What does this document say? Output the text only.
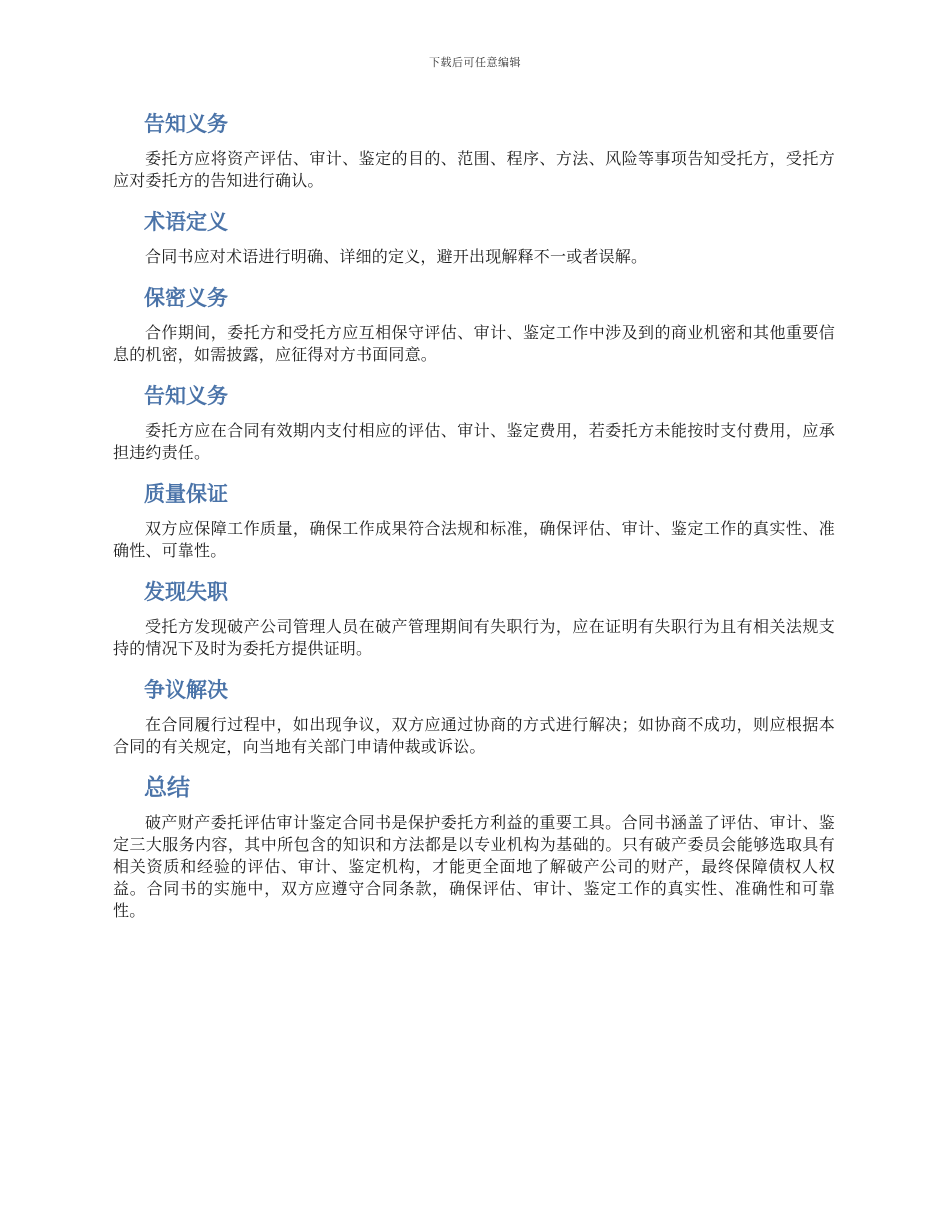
下载后可任意编辑
告知义务

委托方应将资产评估、审计、鉴定的目的、范围、程序、方法、风险等事项告知受托方，受托方应对委托方的告知进行确认。

术语定义

合同书应对术语进行明确、详细的定义，避开出现解释不一或者误解。

保密义务

合作期间，委托方和受托方应互相保守评估、审计、鉴定工作中涉及到的商业机密和其他重要信息的机密，如需披露，应征得对方书面同意。

告知义务

委托方应在合同有效期内支付相应的评估、审计、鉴定费用，若委托方未能按时支付费用，应承担违约责任。

质量保证

双方应保障工作质量，确保工作成果符合法规和标准，确保评估、审计、鉴定工作的真实性、准确性、可靠性。

发现失职

受托方发现破产公司管理人员在破产管理期间有失职行为，应在证明有失职行为且有相关法规支持的情况下及时为委托方提供证明。

争议解决

在合同履行过程中，如出现争议，双方应通过协商的方式进行解决；如协商不成功，则应根据本合同的有关规定，向当地有关部门申请仲裁或诉讼。

总结

破产财产委托评估审计鉴定合同书是保护委托方利益的重要工具。合同书涵盖了评估、审计、鉴定三大服务内容，其中所包含的知识和方法都是以专业机构为基础的。只有破产委员会能够选取具有相关资质和经验的评估、审计、鉴定机构，才能更全面地了解破产公司的财产，最终保障债权人权益。合同书的实施中，双方应遵守合同条款，确保评估、审计、鉴定工作的真实性、准确性和可靠性。
